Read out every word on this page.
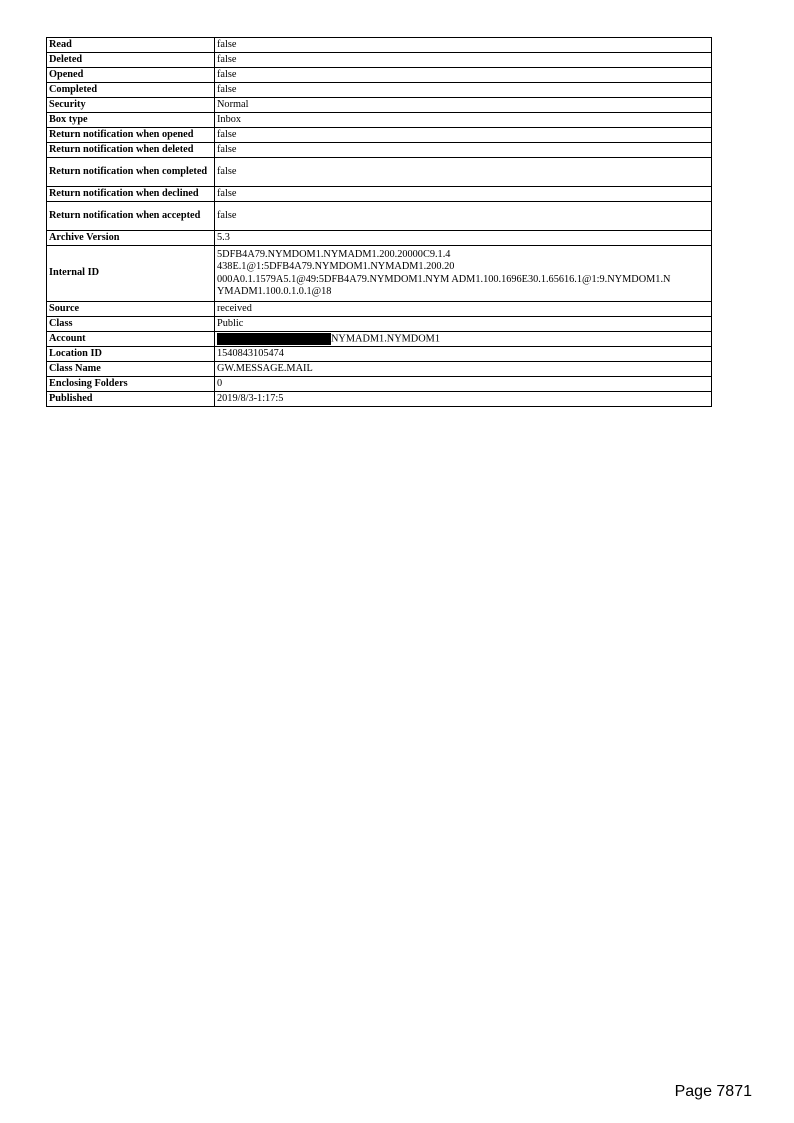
Read	false
Deleted	false
Opened	false
Completed	false
Security	Normal
Box type	Inbox
Return notification when opened	false
Return notification when deleted	false
Return notification when completed	false
Return notification when declined	false
Return notification when accepted	false
Archive Version	5.3
Internal ID	5DFB4A79.NYMDOM1.NYMADM1.200.20000C9.1.4
438E.1@1:5DFB4A79.NYMDOM1.NYMADM1.200.20
000A0.1.1579A5.1@49:5DFB4A79.NYMDOM1.NYM ADM1.100.1696E30.1.65616.1@1:9.NYMDOM1.N
YMADM1.100.0.1.0.1@18

Source	received
Class	Public
Account	NYMADM1.NYMDOM1
Location ID	1540843105474
Class Name	GW.MESSAGE.MAIL
Enclosing Folders	0
Published	2019/8/3-1:17:5
Page 7871
